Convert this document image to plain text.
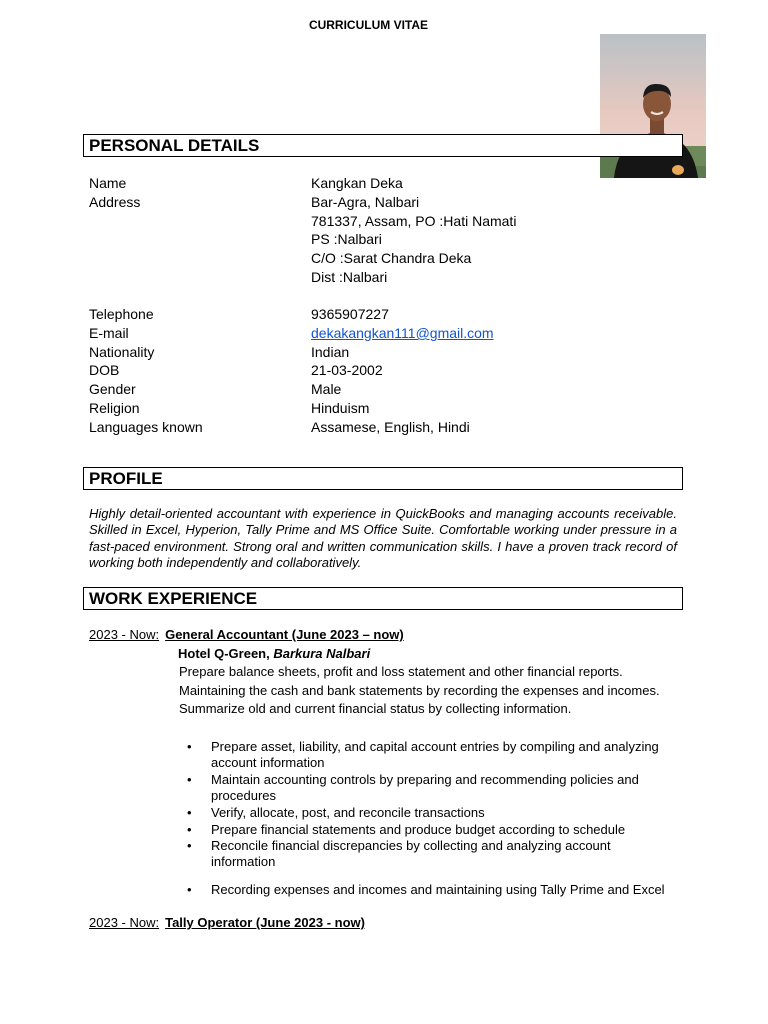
CURRICULUM VITAE
PERSONAL DETAILS
Name	Kangkan Deka
Address	Bar-Agra, Nalbari
781337, Assam, PO :Hati Namati
PS :Nalbari
C/O :Sarat Chandra Deka
Dist :Nalbari
Telephone	9365907227
E-mail	dekakangkan111@gmail.com
Nationality	Indian
DOB	21-03-2002
Gender	Male
Religion	Hinduism
Languages known	Assamese, English, Hindi
PROFILE
Highly detail-oriented accountant with experience in QuickBooks and managing accounts receivable. Skilled in Excel, Hyperion, Tally Prime and MS Office Suite. Comfortable working under pressure in a fast-paced environment. Strong oral and written communication skills. I have a proven track record of working both independently and collaboratively.
WORK EXPERIENCE
2023 - Now: General Accountant (June 2023 – now)
Hotel Q-Green, Barkura Nalbari
Prepare balance sheets, profit and loss statement and other financial reports. Maintaining the cash and bank statements by recording the expenses and incomes. Summarize old and current financial status by collecting information.
• Prepare asset, liability, and capital account entries by compiling and analyzing account information
• Maintain accounting controls by preparing and recommending policies and procedures
• Verify, allocate, post, and reconcile transactions
• Prepare financial statements and produce budget according to schedule
• Reconcile financial discrepancies by collecting and analyzing account information
• Recording expenses and incomes and maintaining using Tally Prime and Excel
2023 - Now: Tally Operator (June 2023 - now)
